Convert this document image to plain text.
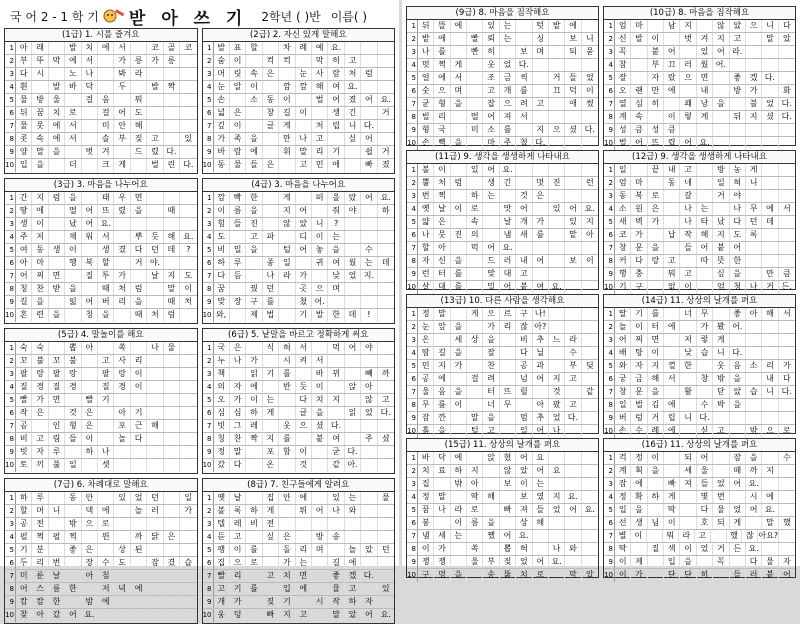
국 어 2 - 1 학 기 받 아 쓰 기 2학년 ( )반 이름( )
(1급) 1. 시를 즐겨요
1 아	래	발	치	에	서	코	골	코
2 부	뚜	막	에	서	가	릉	가	릉
3 다	시	노	나	봐	라
4 흰	발	바	닥	두	발	짝
5 물	방	울	걸	음	뭐
6 뒤	꿈	치	로	걸	어	도
7 물	못	에	서	미	안	해
8 콧	속	에	서	솔	부	짖	고	있
9 양	말	을	벗	겨	드	렸 다.
10 입	을	더	크	게	벌	린 다.
(2급) 2. 자신 있게 말해요
1 발	표	할	차	례	예 요.
2 숨	이	컥	컥	막	히	고
3 머	릿	속	은	눈	사	람	처	럼
4 눈	알	이	깜	깜	해	여 요.
5 손	소	동	이	벌	어	졌	어 요.
6 넓	은	창	길	이	생	긴	거
7 깊	이	글	게	처	립	니 다.
8 가	족	을	만	나	고	싶	어
9 바	람	에	휘	말	리	기	쉽	거
10 동	물	들	은	고	민	에	빠	졌
(3급) 3. 마음을 나누어요
1 간	지	럼	을	태	우	면
2 땅	에	떨	어	뜨	렸	을	때
3 생	이	났	어 요.
4 주	저	채	워	서	뿌	듯	해 요.
5 여	동	생	이	생	겼	다	던	데	?
6 아	마	행	복	할	거 야.
7 어	찌	면	질	투	가	날	지	도
8 칭	찬	받	을	때	처	럼	말	이
9 길	을	잃	어	버	리	을	때	처
10 혼	련	을	칭	을	때	처	럼
(4급) 3. 마음을 나누어요
1 깜	빡	한	게	떠	올	랐	어 요.
2 이	름	을	지	어	줘	야	하
3 힘	들	진	않	았	니	?
4 도	고	파	디	이	는
5 비	밀	을	털	어	놓	을	수
6 하	루	종	일	귀	여	웠	는	데
7 다	듬	나	라	가	낮	었 지.
8 꿈	꿨	던	곳	으	며
9 맞	장	구	를	쳤 어.
10 와,	제	법	기	발	한	데	!
(5급) 4. 말놀이를 해요
1 숙	숙	뽑	아	쏙	나	물
2 꼬	불	꼬	불	고	사	리
3 팔	랑	팔	랑	팔	랑	이
4 질	경	질	경	질	경	이
5 빨	가	면	빨	기
6 작	은	것	은	아	기
7 곰	인	형	은	포	근	해
8 비	고	림	들	이	놀	다
9 빗	자	루	하	나
10 토	끼	풀	일	셋
(6급) 5. 낱말을 바르고 정확하게 써요
1 국	은	식	혀	서	먹	어	야
2 누	나	가	시	켜	서
3 책	읽	기	를	바	뀌	빼	까
4 의	자	에	반	듯	이	앉	아
5 오	가	이	는	다	치	지	않	고
6 심	심	하	게	글	을	읽	었 다.
7 빗	그	레	웃	으	셨 다.
8 칭	찬	짝	지	를	붙	여	주	셨
9 정	말	포	함	이	굳 다.
10 갔	다	온	것	같 아.
(7급) 6. 차례대로 말해요
1 하	루	동	안	있	었	던	일
2 할	머	니	댁	에	놀	러	가
3 공	전	밖	으	로
4 펄	쩍	펄	쩍	뛴	까	닭	은
5 기	분	좋	은	상	된
6 두	리	번	장	수	도	잠	겼	습
7 미	룬	날	아	침
8 어	스	름	한	저	녁	에
9 캄	캄	한	밤	에
10 찾	아	갔	어 요.
(8급) 7. 친구들에게 알려요
1 옛	날	집	안	에	있	는	물
2 볼	록	하	게	튀	어	나	와
3 텔	레	비	전
4 듣	고	싶	은	방	송
5 팽	이	를	돌	리	며	놀	았	던
6 집	으	로	가	는	길	에
7 빨	리	고	치	면	좋	겠 다.
8 고	기	를	입	에	물	고	있
9 개	가	짖	기	시	작	하	자
10 웅	덩	빠	지	고	말	았	어 요.
(9급) 8. 마음을 짐작해요
1 뒤	뜰	에	있	는	텃	밭	에
2 밭	에	빨	뢰	는	싱	보	니
3 나	를	빤	히	보	며	되	묻
4 멋	쩍	게	웃	었 다.
5 얼	에	서	조	금	씩	거	들	었
6 숫	으	며	고	개	를	끄	덕	이
7 균	형	을	잡	으	려	고	애	썼
8 빌	리	떨	어	져	서
9 형	국	미	소	를	지	으	셨 다.
10 손	뼉	을	마	주	쳤 다.
(10급) 8. 마음을 짐작해요
1 엄	마	남	지	않	았	으	니	다
2 신	발	이	벗	겨	지	고	말	았
3 꼭	붙	어	있	어 라.
4 참	부	끄	러	웠 어.
5 잘	자	랐	으	면	좋	겠 다.
6 오	랜	만	에	내	방	가	화
7 열	심	히	쾌	낭	을	불	었 다.
8 계	속	이	렇	게	뒤	지	셨 다.
9 성	큼	성	큼
10 벌	어	뜨	렸	어 요.
(11급) 9. 생각을 생생하게 나타내요
1 볼	이	있	어 요.
2 뿔	처	럼	생	긴	멋	진	런
3 번	쩍	하	는	것	은
4 옛	날	이	로	맛	어	있	어 요.
5 얇	은	속	날	개	가	있	지
6 나	뭇	진	의	냄	새	를	맡	아
7 할	아	먹	어 요.
8 자	신	을	드	러	내	어	보	이
9 런	터	를	맞	대	고
10 살	대	를	밀	어	붙	여 요.
(12급) 9. 생각을 생생하게 나타내요
1 일	끝	내	고	방	농	게
2 엄	마	동	네	일	혀	니
3 동	복	로	갈	거	야
4 소	원	은	나	는	나	무	에	서
5 새	벽	가	나	타	났	다	던	데
6 코	가	납	작	해	지	도	록
7 창	문	을	들	어	붙	어
8 커	다	랑	고	따	뜻	한
9 행	충	뭐	고	싶	을	만	큼
10 기	구	없	이	엄	청	나	거 든.
(13급) 10. 다른 사람을 생각해요
1 정	말	게	으	르	구 나!
2 눈	앞	을	가	리	잖 아?
3 온	세	상	을	비	추	느	라
4 땀	길	을	잘	다	닐	수
5 민	지	가	찬	공	과	부	딪
6 공	에	걸	려	넘	어	지	고
7 울	음	을	터	뜨	릴	것	같
8 무	릎	이	너	무	아	팠	고
9 잠	깐	말	을	멈	추	었 다.
10 흙	을	털	고	일	어	나
(14급) 11. 상상의 날개를 펴요
1 딸	기	를	너	무	좋	아	해	서
2 놀	이	터	에	가	봤 어.
3 어	찌	면	저	렇	게
4 배	탕	이	낮	습	니 다.
5 와	자	지	껄	한	웃	음	소	리	가
6 궁	금	해	서	창	밖	을	내	다
7 창	문	을	활	닫	았	습	니 다.
8 일	벌	김	에	수	박	을
9 버	렁	거	립	니 다.
10 손	수	례	에	싣	고	밖	으	로
(15급) 11. 상상의 날개를 펴요
1 바	닥	에	앉	혔	어	요
2 치	료	하	지	않	았	어	요
3 집	밖	아	보	이	는
4 정	말	딱	해	보	였	지 요.
5 꿈	나	라	로	빠	져	들	었	어 요.
6 붕	이	름	을	상	해
7 냄	새	는	쨌	어 요.
8 이	가	쏙	뽑	혀	나	와
9 쟁	쟁	울	부	짖	었	어 요.
10 구	멍	을	송	뚫	치	로	막	았
(16급) 11. 상상의 날개를 펴요
1 걱	정	이	되	어	잠	을	수
2 계	획	을	세	울	때	까	지
3 잠	에	빠	져	들	었	어 요.
4 정	확	하	게	몇	번	시	에
5 입	을	딱	다	물	었	어 요.
6 선	생	님	이	호	되	게	말	했
7 별	이	뭐	라	고	했	잖 아요?
8 딱	질	색	이	었	거	든 요.
9 이	제	입	을	꼭	다	물	자
10 이	가	단	단	히	들	러	붙	어
